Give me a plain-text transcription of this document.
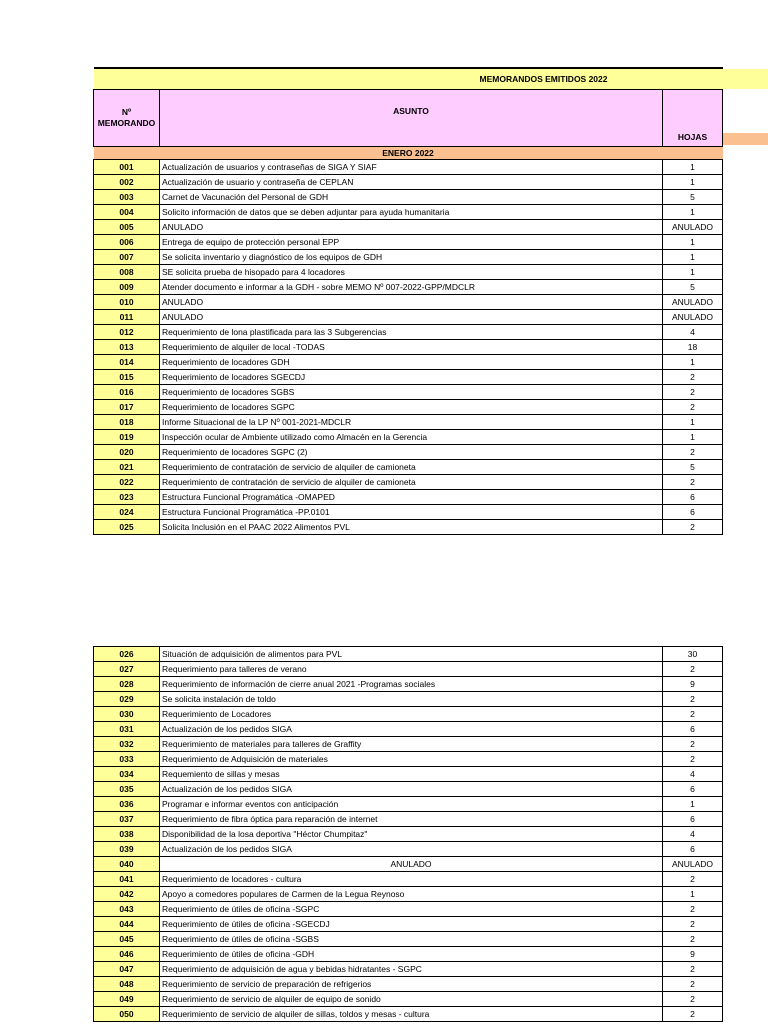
	MEMORANDOS EMITIDOS 2022	
Nº MEMORANDO	ASUNTO	HOJAS
ENERO 2022		
001	Actualización de usuarios y contraseñas de SIGA Y SIAF	1
002	Actualización de usuario y contraseña de CEPLAN	1
003	Carnet de Vacunación del Personal de GDH	5
004	Solicito información de datos que se deben adjuntar para ayuda humanitaria	1
005	ANULADO	ANULADO
006	Entrega de equipo de protección personal EPP	1
007	Se solicita inventario y diagnóstico de los equipos de GDH	1
008	SE solicita prueba de hisopado para 4 locadores	1
009	Atender documento e informar a la GDH - sobre MEMO Nº 007-2022-GPP/MDCLR	5
010	ANULADO	ANULADO
011	ANULADO	ANULADO
012	Requerimiento de lona plastificada para las 3 Subgerencias	4
013	Requerimiento de alquiler de local -TODAS	18
014	Requerimiento de locadores GDH	1
015	Requerimiento de locadores SGECDJ	2
016	Requerimiento de locadores SGBS	2
017	Requerimiento de locadores SGPC	2
018	Informe Situacional de la LP Nº 001-2021-MDCLR	1
019	Inspección ocular de Ambiente utilizado como Almacén en la Gerencia	1
020	Requerimiento de locadores SGPC (2)	2
021	Requerimiento de contratación de servicio de alquiler de camioneta	5
022	Requerimiento de contratación de servicio de alquiler de camioneta	2
023	Estructura Funcional Programática -OMAPED	6
024	Estructura Funcional Programática -PP.0101	6
025	Solicita Inclusión en el PAAC 2022 Alimentos PVL	2
026	Situación de adquisición de alimentos para PVL	30
027	Requerimiento para talleres de verano	2
028	Requerimiento de información de cierre anual 2021 -Programas sociales	9
029	Se solicita instalación de toldo	2
030	Requerimiento de Locadores	2
031	Actualización de los pedidos SIGA	6
032	Requerimiento de materiales para talleres de Graffity	2
033	Requerimiento de Adquisición de materiales	2
034	Requemiento de sillas y mesas	4
035	Actualización de los pedidos SIGA	6
036	Programar e informar eventos con anticipación	1
037	Requerimiento de fibra óptica para reparación de internet	6
038	Disponibilidad de la losa deportiva "Héctor Chumpitaz"	4
039	Actualización de los pedidos SIGA	6
040	ANULADO	ANULADO
041	Requerimiento de locadores - cultura	2
042	Apoyo a comedores populares de Carmen de la Legua Reynoso	1
043	Requerimiento de útiles de oficina -SGPC	2
044	Requerimiento de útiles de oficina -SGECDJ	2
045	Requerimiento de útiles de oficina -SGBS	2
046	Requerimiento de útiles de oficina -GDH	9
047	Requerimiento de adquisición de agua y bebidas hidratantes - SGPC	2
048	Requerimiento de servicio de preparación de refrigerios	2
049	Requerimiento de servicio de alquiler de equipo de sonido	2
050	Requerimiento de servicio de alquiler de sillas, toldos y mesas - cultura	2
